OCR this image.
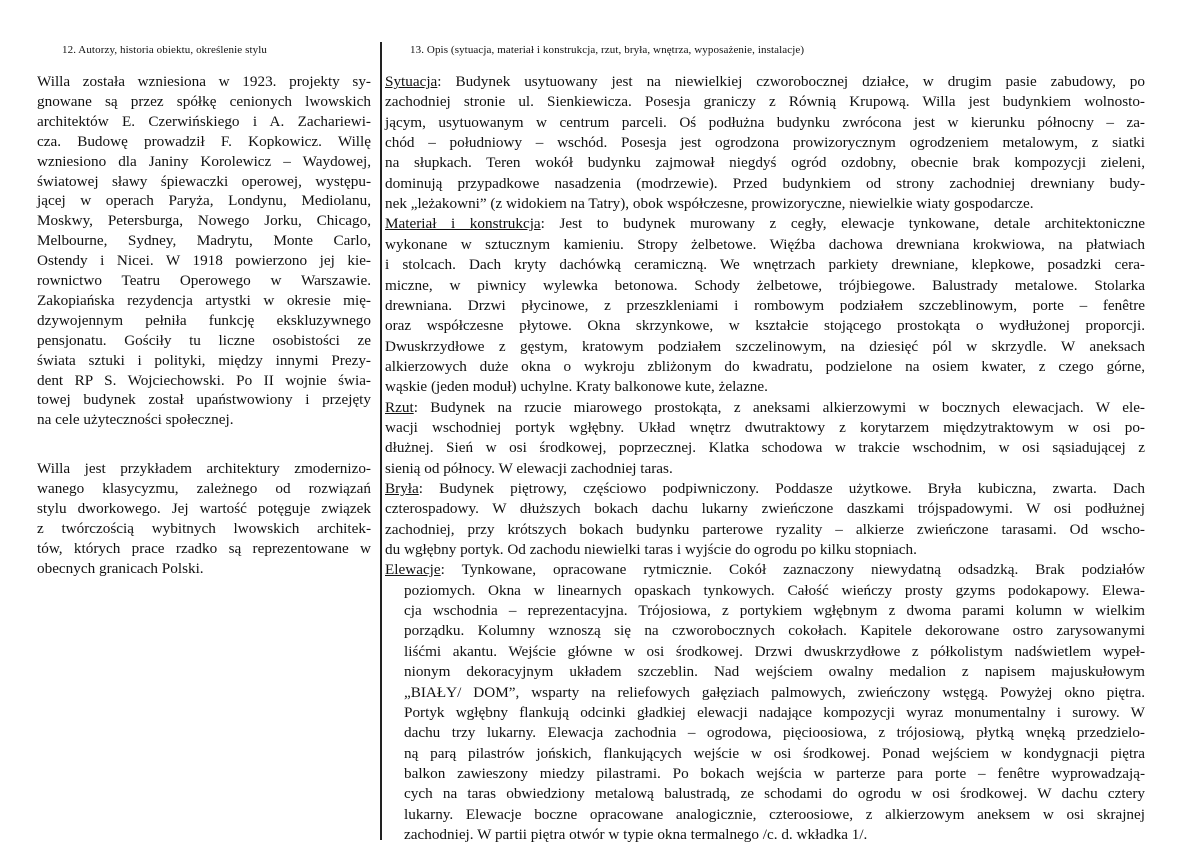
12. Autorzy, historia obiektu, określenie stylu	13. Opis (sytuacja, materiał i konstrukcja, rzut, bryła, wnętrza, wyposażenie, instalacje)
Willa została wzniesiona w 1923. projekty sy-
gnowane są przez spółkę cenionych lwowskich
architektów E. Czerwińskiego i A. Zachariewi-
cza. Budowę prowadził F. Kopkowicz. Willę
wzniesiono dla Janiny Korolewicz – Waydowej,
światowej sławy śpiewaczki operowej, występu-
jącej w operach Paryża, Londynu, Mediolanu,
Moskwy, Petersburga, Nowego Jorku, Chicago,
Melbourne, Sydney, Madrytu, Monte Carlo,
Ostendy i Nicei. W 1918 powierzono jej kie-
rownictwo Teatru Operowego w Warszawie.
Zakopiańska rezydencja artystki w okresie mię-
dzywojennym pełniła funkcję ekskluzywnego
pensjonatu. Gościły tu liczne osobistości ze
świata sztuki i polityki, między innymi Prezy-
dent RP S. Wojciechowski. Po II wojnie świa-
towej budynek został upaństwowiony i przejęty
na cele użyteczności społecznej.
Willa jest przykładem architektury zmodernizo-
wanego klasycyzmu, zależnego od rozwiązań
stylu dworkowego. Jej wartość potęguje związek
z twórczością wybitnych lwowskich architek-
tów, których prace rzadko są reprezentowane w
obecnych granicach Polski.
Sytuacja: Budynek usytuowany jest na niewielkiej czworobocznej działce, w drugim pasie zabudowy, po
zachodniej stronie ul. Sienkiewicza. Posesja graniczy z Równią Krupową. Willa jest budynkiem wolnosto-
jącym, usytuowanym w centrum parceli. Oś podłużna budynku zwrócona jest w kierunku północny – za-
chód – południowy – wschód. Posesja jest ogrodzona prowizorycznym ogrodzeniem metalowym, z siatki
na słupkach. Teren wokół budynku zajmował niegdyś ogród ozdobny, obecnie brak kompozycji zieleni,
dominują przypadkowe nasadzenia (modrzewie). Przed budynkiem od strony zachodniej drewniany budy-
nek „leżakowni” (z widokiem na Tatry), obok współczesne, prowizoryczne, niewielkie wiaty gospodarcze.
Materiał i konstrukcja: Jest to budynek murowany z cegły, elewacje tynkowane, detale architektoniczne
wykonane w sztucznym kamieniu. Stropy żelbetowe. Więźba dachowa drewniana krokwiowa, na płatwiach
i stolcach. Dach kryty dachówką ceramiczną. We wnętrzach parkiety drewniane, klepkowe, posadzki cera-
miczne, w piwnicy wylewka betonowa. Schody żelbetowe, trójbiegowe. Balustrady metalowe. Stolarka
drewniana. Drzwi płycinowe, z przeszkleniami i rombowym podziałem szczeblinowym, porte – fenêtre
oraz współczesne płytowe. Okna skrzynkowe, w kształcie stojącego prostokąta o wydłużonej proporcji.
Dwuskrzydłowe z gęstym, kratowym podziałem szczelinowym, na dziesięć pól w skrzydle. W aneksach
alkierzowych duże okna o wykroju zbliżonym do kwadratu, podzielone na osiem kwater, z czego górne,
wąskie (jeden moduł) uchylne. Kraty balkonowe kute, żelazne.
Rzut: Budynek na rzucie miarowego prostokąta, z aneksami alkierzowymi w bocznych elewacjach. W ele-
wacji wschodniej portyk wgłębny. Układ wnętrz dwutraktowy z korytarzem międzytraktowym w osi po-
dłużnej. Sień w osi środkowej, poprzecznej. Klatka schodowa w trakcie wschodnim, w osi sąsiadującej z
sienią od północy. W elewacji zachodniej taras.
Bryła: Budynek piętrowy, częściowo podpiwniczony. Poddasze użytkowe. Bryła kubiczna, zwarta. Dach
czterospadowy. W dłuższych bokach dachu lukarny zwieńczone daszkami trójspadowymi. W osi podłużnej
zachodniej, przy krótszych bokach budynku parterowe ryzality – alkierze zwieńczone tarasami. Od wscho-
du wgłębny portyk. Od zachodu niewielki taras i wyjście do ogrodu po kilku stopniach.
Elewacje: Tynkowane, opracowane rytmicznie. Cokół zaznaczony niewydatną odsadzką. Brak podziałów
poziomych. Okna w linearnych opaskach tynkowych. Całość wieńczy prosty gzyms podokapowy. Elewa-
cja wschodnia – reprezentacyjna. Trójosiowa, z portykiem wgłębnym z dwoma parami kolumn w wielkim
porządku. Kolumny wznoszą się na czworobocznych cokołach. Kapitele dekorowane ostro zarysowanymi
liśćmi akantu. Wejście główne w osi środkowej. Drzwi dwuskrzydłowe z półkolistym nadświetlem wypeł-
nionym dekoracyjnym układem szczeblin. Nad wejściem owalny medalion z napisem majuskułowym
„BIAŁY/ DOM”, wsparty na reliefowych gałęziach palmowych, zwieńczony wstęgą. Powyżej okno piętra.
Portyk wgłębny flankują odcinki gładkiej elewacji nadające kompozycji wyraz monumentalny i surowy. W
dachu trzy lukarny. Elewacja zachodnia – ogrodowa, pięcioosiowa, z trójosiową, płytką wnęką przedzielo-
ną parą pilastrów jońskich, flankujących wejście w osi środkowej. Ponad wejściem w kondygnacji piętra
balkon zawieszony miedzy pilastrami. Po bokach wejścia w parterze para porte – fenêtre wyprowadzają-
cych na taras obwiedziony metalową balustradą, ze schodami do ogrodu w osi środkowej. W dachu cztery
lukarny. Elewacje boczne opracowane analogicznie, czteroosiowe, z alkierzowym aneksem w osi skrajnej
zachodniej. W partii piętra otwór w typie okna termalnego /c. d. wkładka 1/.
